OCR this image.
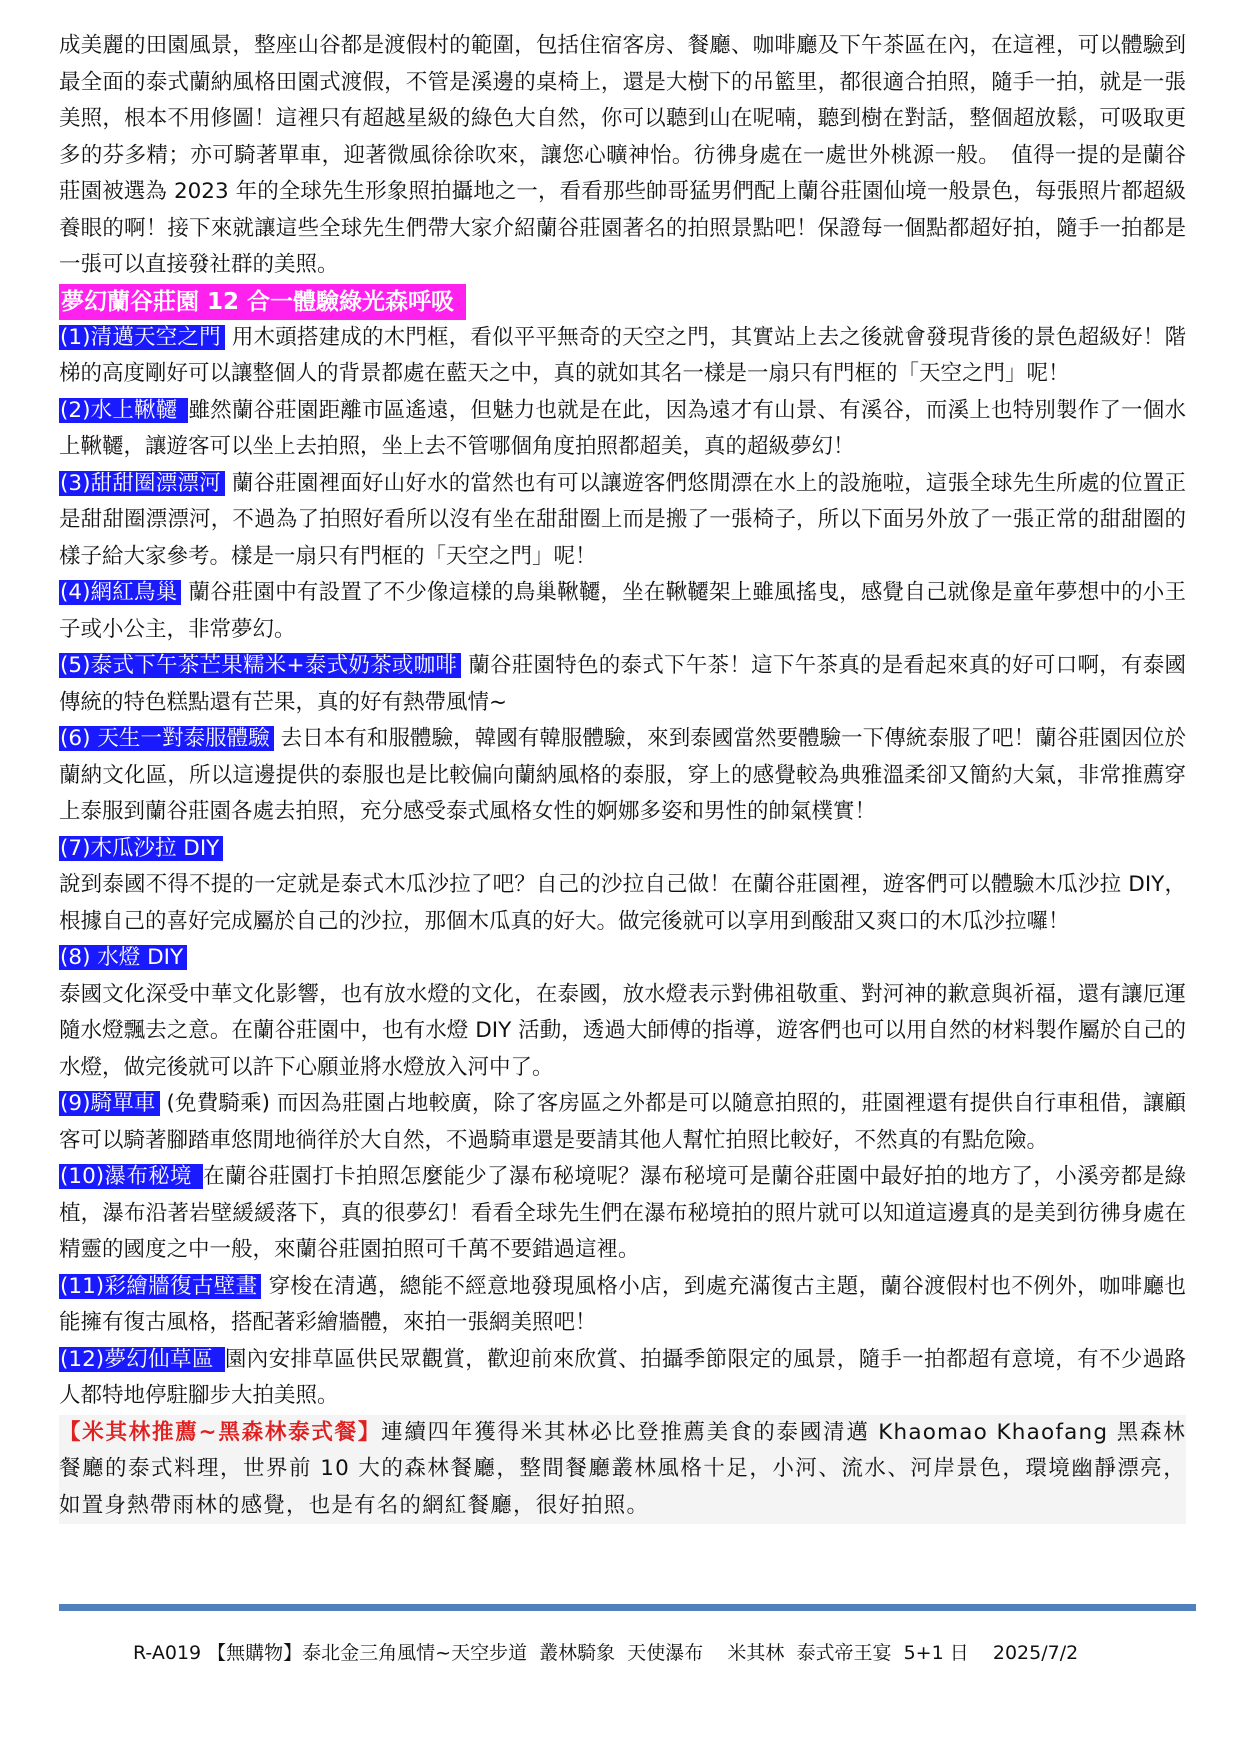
成美麗的田園風景，整座山谷都是渡假村的範圍，包括住宿客房、餐廳、咖啡廳及下午茶區在內，在這裡，可以體驗到最全面的泰式蘭納風格田園式渡假，不管是溪邊的桌椅上，還是大樹下的吊籃里，都很適合拍照，隨手一拍，就是一張美照，根本不用修圖！這裡只有超越星級的綠色大自然，你可以聽到山在呢喃，聽到樹在對話，整個超放鬆，可吸取更多的芬多精；亦可騎著單車，迎著微風徐徐吹來，讓您心曠神怡。彷彿身處在一處世外桃源一般。　值得一提的是蘭谷莊園被選為 2023 年的全球先生形象照拍攝地之一，看看那些帥哥猛男們配上蘭谷莊園仙境一般景色，每張照片都超級養眼的啊！接下來就讓這些全球先生們帶大家介紹蘭谷莊園著名的拍照景點吧！保證每一個點都超好拍，隨手一拍都是一張可以直接發社群的美照。

夢幻蘭谷莊園 12 合一體驗綠光森呼吸

(1)清邁天空之門 用木頭搭建成的木門框，看似平平無奇的天空之門，其實站上去之後就會發現背後的景色超級好！階梯的高度剛好可以讓整個人的背景都處在藍天之中，真的就如其名一樣是一扇只有門框的「天空之門」呢！

(2)水上鞦韆 雖然蘭谷莊園距離市區遙遠，但魅力也就是在此，因為遠才有山景、有溪谷，而溪上也特別製作了一個水上鞦韆，讓遊客可以坐上去拍照，坐上去不管哪個角度拍照都超美，真的超級夢幻！

(3)甜甜圈漂漂河 蘭谷莊園裡面好山好水的當然也有可以讓遊客們悠閒漂在水上的設施啦，這張全球先生所處的位置正是甜甜圈漂漂河，不過為了拍照好看所以沒有坐在甜甜圈上而是搬了一張椅子，所以下面另外放了一張正常的甜甜圈的樣子給大家參考。樣是一扇只有門框的「天空之門」呢！

(4)網紅鳥巢 蘭谷莊園中有設置了不少像這樣的鳥巢鞦韆，坐在鞦韆架上雖風搖曳，感覺自己就像是童年夢想中的小王子或小公主，非常夢幻。

(5)泰式下午茶芒果糯米+泰式奶茶或咖啡 蘭谷莊園特色的泰式下午茶！這下午茶真的是看起來真的好可口啊，有泰國傳統的特色糕點還有芒果，真的好有熱帶風情~

(6) 天生一對泰服體驗 去日本有和服體驗，韓國有韓服體驗，來到泰國當然要體驗一下傳統泰服了吧！蘭谷莊園因位於蘭納文化區，所以這邊提供的泰服也是比較偏向蘭納風格的泰服，穿上的感覺較為典雅溫柔卻又簡約大氣，非常推薦穿上泰服到蘭谷莊園各處去拍照，充分感受泰式風格女性的婀娜多姿和男性的帥氣樸實！

(7)木瓜沙拉 DIY
說到泰國不得不提的一定就是泰式木瓜沙拉了吧？自己的沙拉自己做！在蘭谷莊園裡，遊客們可以體驗木瓜沙拉 DIY，根據自己的喜好完成屬於自己的沙拉，那個木瓜真的好大。做完後就可以享用到酸甜又爽口的木瓜沙拉囉！

(8) 水燈 DIY
泰國文化深受中華文化影響，也有放水燈的文化，在泰國，放水燈表示對佛祖敬重、對河神的歉意與祈福，還有讓厄運隨水燈飄去之意。在蘭谷莊園中，也有水燈 DIY 活動，透過大師傅的指導，遊客們也可以用自然的材料製作屬於自己的水燈，做完後就可以許下心願並將水燈放入河中了。

(9)騎單車 (免費騎乘) 而因為莊園占地較廣，除了客房區之外都是可以隨意拍照的，莊園裡還有提供自行車租借，讓顧客可以騎著腳踏車悠閒地徜徉於大自然，不過騎車還是要請其他人幫忙拍照比較好，不然真的有點危險。

(10)瀑布秘境 在蘭谷莊園打卡拍照怎麼能少了瀑布秘境呢？瀑布秘境可是蘭谷莊園中最好拍的地方了，小溪旁都是綠植，瀑布沿著岩壁緩緩落下，真的很夢幻！看看全球先生們在瀑布秘境拍的照片就可以知道這邊真的是美到彷彿身處在精靈的國度之中一般，來蘭谷莊園拍照可千萬不要錯過這裡。

(11)彩繪牆復古壁畫 穿梭在清邁，總能不經意地發現風格小店，到處充滿復古主題，蘭谷渡假村也不例外，咖啡廳也能擁有復古風格，搭配著彩繪牆體，來拍一張網美照吧！

(12)夢幻仙草區 園內安排草區供民眾觀賞，歡迎前來欣賞、拍攝季節限定的風景，隨手一拍都超有意境，有不少過路人都特地停駐腳步大拍美照。

【米其林推薦~黑森林泰式餐】連續四年獲得米其林必比登推薦美食的泰國清邁 Khaomao Khaofang 黑森林餐廳的泰式料理，世界前 10 大的森林餐廳，整間餐廳叢林風格十足，小河、流水、河岸景色，環境幽靜漂亮，如置身熱帶雨林的感覺，也是有名的網紅餐廳，很好拍照。

R-A019 【無購物】泰北金三角風情~天空步道  叢林騎象  天使瀑布    米其林  泰式帝王宴  5+1 日    2025/7/2
